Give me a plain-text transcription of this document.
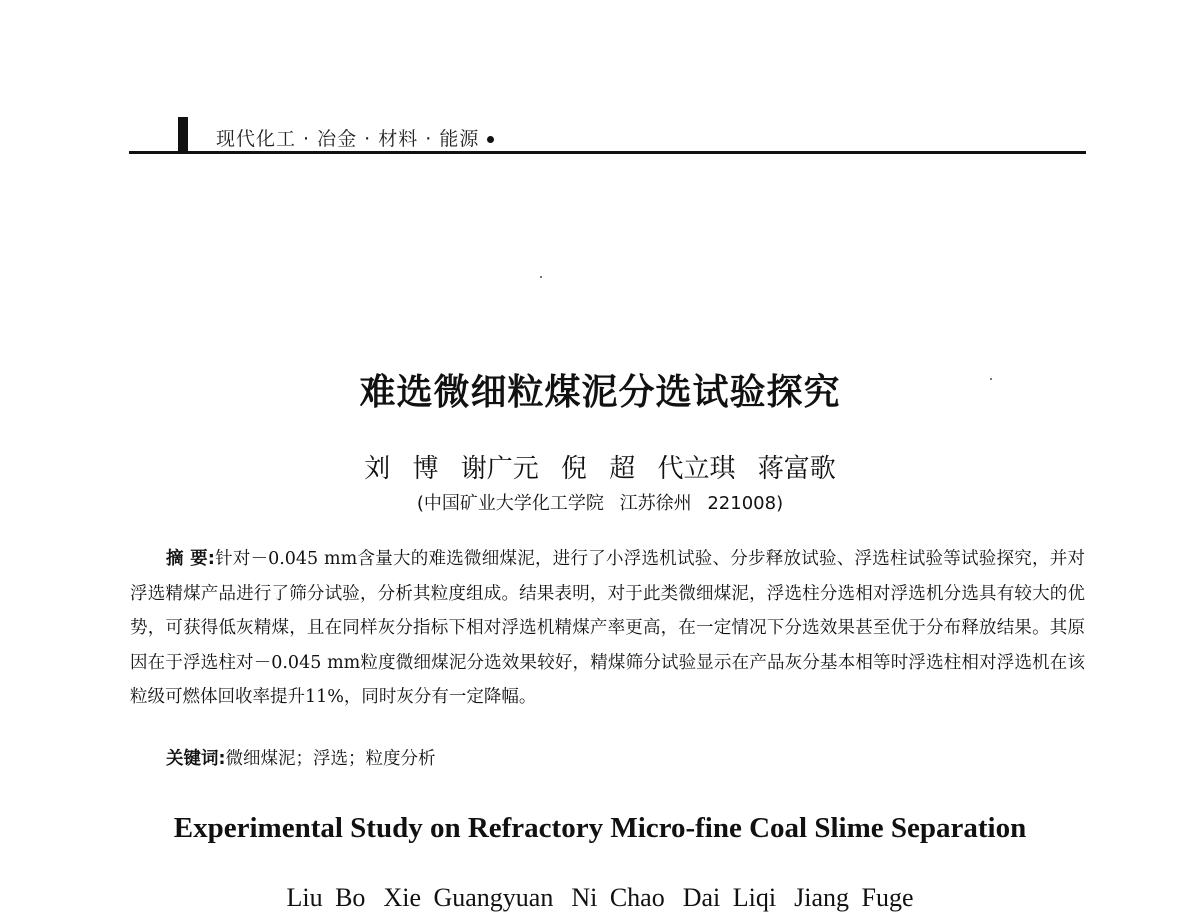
现代化工 · 冶金 · 材料 · 能源
难选微细粒煤泥分选试验探究
刘 博 谢广元 倪 超 代立琪 蒋富歌
(中国矿业大学化工学院 江苏徐州 221008)
摘 要:针对－0.045 mm含量大的难选微细煤泥，进行了小浮选机试验、分步释放试验、浮选柱试验等试验探究，并对浮选精煤产品进行了筛分试验，分析其粒度组成。结果表明，对于此类微细煤泥，浮选柱分选相对浮选机分选具有较大的优势，可获得低灰精煤，且在同样灰分指标下相对浮选机精煤产率更高，在一定情况下分选效果甚至优于分布释放结果。其原因在于浮选柱对－0.045 mm粒度微细煤泥分选效果较好，精煤筛分试验显示在产品灰分基本相等时浮选柱相对浮选机在该粒级可燃体回收率提升11%，同时灰分有一定降幅。
关键词:微细煤泥；浮选；粒度分析
Experimental Study on Refractory Micro-fine Coal Slime Separation
Liu Bo Xie Guangyuan Ni Chao Dai Liqi Jiang Fuge
